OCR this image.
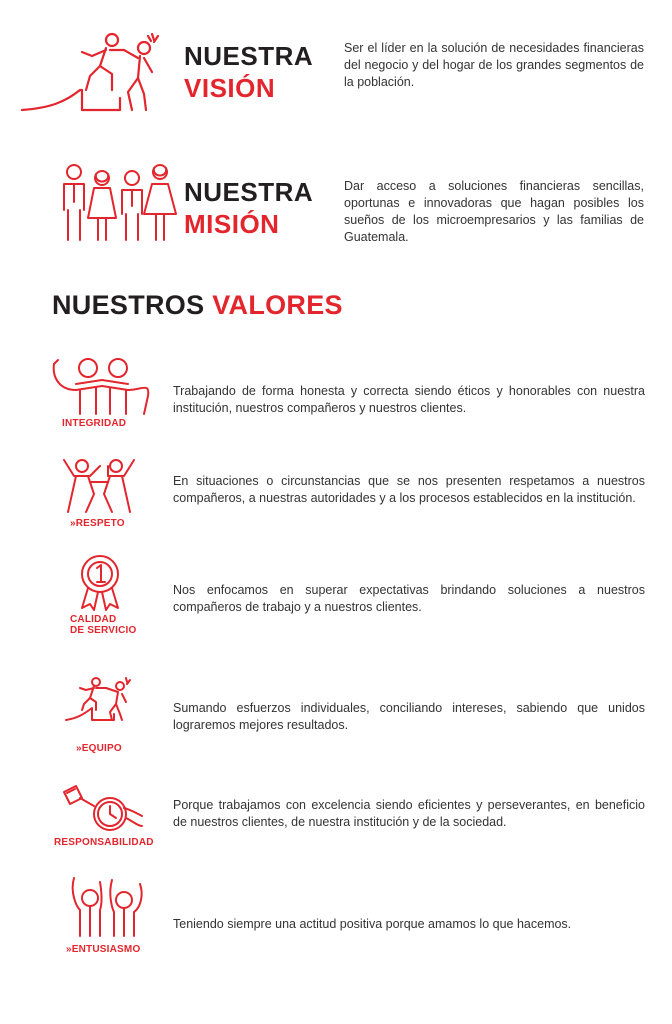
NUESTRA
VISIÓN
Ser el líder en la solución de necesidades financieras del negocio y del hogar de los grandes segmentos de la población.
NUESTRA
MISIÓN
Dar acceso a soluciones financieras sencillas, oportunas e innovadoras que hagan posibles los sueños de los microempresarios y las familias de Guatemala.
NUESTROS VALORES
INTEGRIDAD
Trabajando de forma honesta y correcta siendo éticos y honorables con nuestra institución, nuestros compañeros y nuestros clientes.
»RESPETO
En situaciones o circunstancias que se nos presenten respetamos a nuestros compañeros, a nuestras autoridades y a los procesos establecidos en la institución.
CALIDAD
DE SERVICIO
Nos enfocamos en superar expectativas brindando soluciones a nuestros compañeros de trabajo y a nuestros clientes.
»EQUIPO
Sumando esfuerzos individuales, conciliando intereses, sabiendo que unidos lograremos mejores resultados.
RESPONSABILIDAD
Porque trabajamos con excelencia siendo eficientes y perseverantes, en beneficio de nuestros clientes, de nuestra institución y de la sociedad.
»ENTUSIASMO
Teniendo siempre una actitud positiva porque amamos lo que hacemos.
